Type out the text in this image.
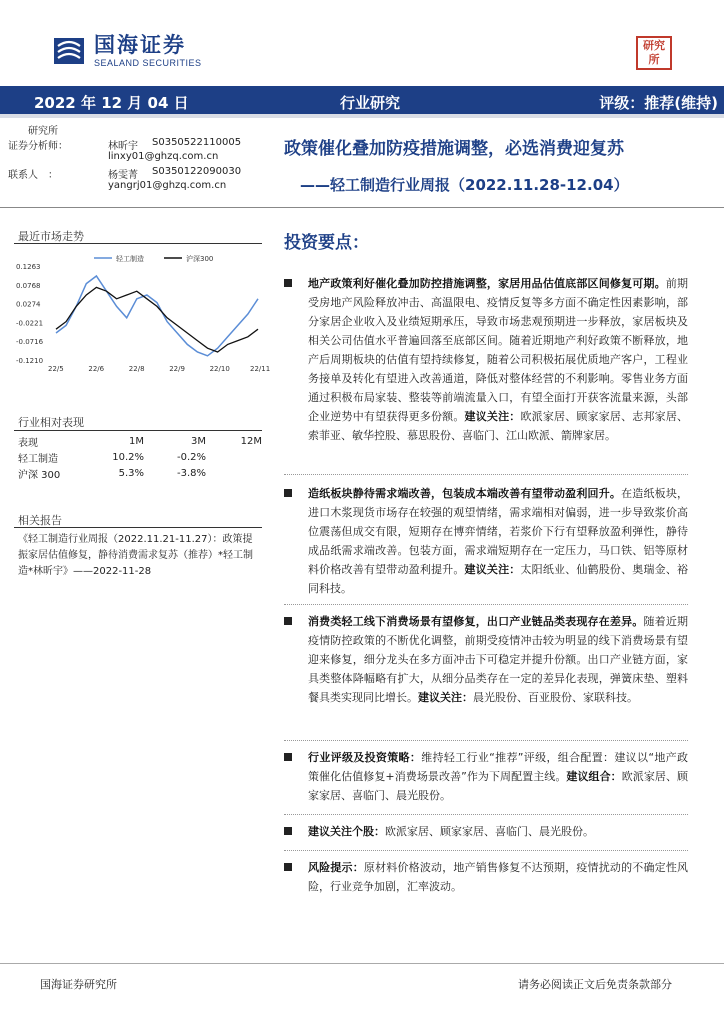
国海证券
SEALAND SECURITIES
研究
所
2022 年 12 月 04 日	行业研究	评级：推荐(维持)
研究所
证券分析师：	林昕宇 S0350522110005
linxy01@ghzq.com.cn
联系人　：	杨雯菁 S0350122090030
yangrj01@ghzq.com.cn
政策催化叠加防疫措施调整，必选消费迎复苏
——轻工制造行业周报（2022.11.28-12.04）
最近市场走势
轻工制造	沪深300
0.1263
0.0768
0.0274
-0.0221
-0.0716
-0.1210
22/5	22/6	22/8	22/9	22/10	22/11
行业相对表现
表现	1M	3M	12M
轻工制造	10.2%	-0.2%
沪深 300	5.3%	-3.8%
相关报告
《轻工制造行业周报（2022.11.21-11.27）：政策提振家居估值修复，静待消费需求复苏（推荐）*轻工制造*林昕宇》——2022-11-28
投资要点：
地产政策利好催化叠加防控措施调整，家居用品估值底部区间修复可期。前期受房地产风险释放冲击、高温限电、疫情反复等多方面不确定性因素影响，部分家居企业收入及业绩短期承压，导致市场悲观预期进一步释放，家居板块及相关公司估值水平普遍回落至底部区间。随着近期地产利好政策不断释放，地产后周期板块的估值有望持续修复，随着公司积极拓展优质地产客户，工程业务接单及转化有望进入改善通道，降低对整体经营的不利影响。零售业务方面通过积极布局家装、整装等前端流量入口，有望全面打开获客流量来源，头部企业逆势中有望获得更多份额。建议关注：欧派家居、顾家家居、志邦家居、索菲亚、敏华控股、慕思股份、喜临门、江山欧派、箭牌家居。
造纸板块静待需求端改善，包装成本端改善有望带动盈利回升。在造纸板块，进口木浆现货市场存在较强的观望情绪，需求端相对偏弱，进一步导致浆价高位震荡但成交有限，短期存在博弈情绪，若浆价下行有望释放盈利弹性，静待成品纸需求端改善。包装方面，需求端短期存在一定压力，马口铁、铝等原材料价格改善有望带动盈利提升。建议关注：太阳纸业、仙鹤股份、奥瑞金、裕同科技。
消费类轻工线下消费场景有望修复，出口产业链品类表现存在差异。随着近期疫情防控政策的不断优化调整，前期受疫情冲击较为明显的线下消费场景有望迎来修复，细分龙头在多方面冲击下可稳定并提升份额。出口产业链方面，家具类整体降幅略有扩大，从细分品类存在一定的差异化表现，弹簧床垫、塑料餐具类实现同比增长。建议关注：晨光股份、百亚股份、家联科技。
行业评级及投资策略：维持轻工行业“推荐”评级，组合配置：建议以“地产政策催化估值修复+消费场景改善”作为下周配置主线。建议组合：欧派家居、顾家家居、喜临门、晨光股份。
建议关注个股：欧派家居、顾家家居、喜临门、晨光股份。
风险提示：原材料价格波动，地产销售修复不达预期，疫情扰动的不确定性风险，行业竞争加剧，汇率波动。
国海证券研究所	请务必阅读正文后免责条款部分
